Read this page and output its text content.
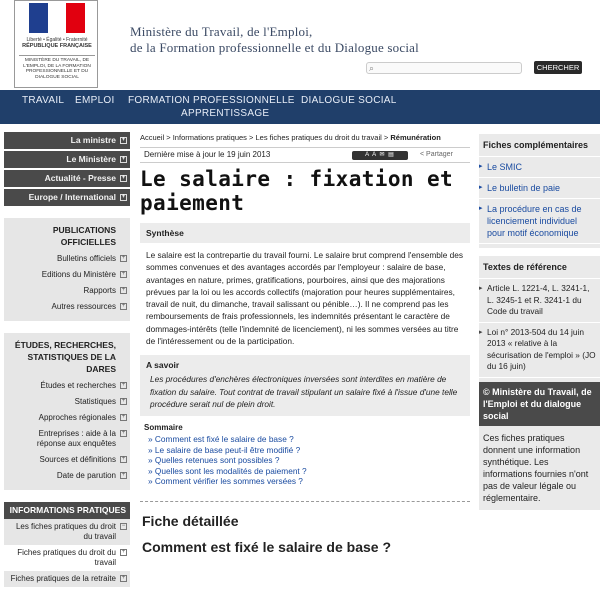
Liberté • Égalité • Fraternité
RÉPUBLIQUE FRANÇAISE
MINISTÈRE DU TRAVAIL, DE L'EMPLOI, DE LA FORMATION PROFESSIONNELLE ET DU DIALOGUE SOCIAL
Ministère du Travail, de l'Emploi,
de la Formation professionnelle et du Dialogue social
⌕	CHERCHER
TRAVAIL EMPLOI FORMATION PROFESSIONNELLE
APPRENTISSAGE
DIALOGUE SOCIAL
La ministre +
Le Ministère +
Actualité - Presse +
Europe / International +
PUBLICATIONS OFFICIELLES
Bulletins officiels +
Editions du Ministère +
Rapports +
Autres ressources +
ÉTUDES, RECHERCHES, STATISTIQUES DE LA DARES
Études et recherches +
Statistiques +
Approches régionales +
Entreprises : aide à la réponse aux enquêtes
+
Sources et définitions +
Date de parution +
INFORMATIONS PRATIQUES
Les fiches pratiques du droit du travail
−
Fiches pratiques du droit du travail
+
Fiches pratiques de la retraite +
Accueil > Informations pratiques > Les fiches pratiques du droit du travail > Rémunération
Dernière mise à jour le 19 juin 2013	A A ✉ ▤	< Partager
Le salaire : fixation et paiement
Synthèse
Le salaire est la contrepartie du travail fourni. Le salaire brut comprend l'ensemble des sommes convenues et des avantages accordés par l'employeur : salaire de base, avantages en nature, primes, gratifications, pourboires, ainsi que des majorations prévues par la loi ou les accords collectifs (majoration pour heures supplémentaires, travail de nuit, du dimanche, travail salissant ou pénible…). Il ne comprend pas les remboursements de frais professionnels, les indemnités présentant le caractère de dommages-intérêts (telle l'indemnité de licenciement), ni les sommes versées au titre de l'intéressement ou de la participation.
A savoir
Les procédures d'enchères électroniques inversées sont interdites en matière de fixation du salaire. Tout contrat de travail stipulant un salaire fixé à l'issue d'une telle procédure serait nul de plein droit.
Sommaire
» Comment est fixé le salaire de base ?
» Le salaire de base peut-il être modifié ?
» Quelles retenues sont possibles ?
» Quelles sont les modalités de paiement ?
» Comment vérifier les sommes versées ?
Fiche détaillée
Comment est fixé le salaire de base ?
Fiches complémentaires
▸ Le SMIC
▸ Le bulletin de paie
▸ La procédure en cas de licenciement individuel pour motif économique
Textes de référence
▸ Article L. 1221-4, L. 3241-1, L. 3245-1 et R. 3241-1 du Code du travail
▸ Loi n° 2013-504 du 14 juin 2013 « relative à la sécurisation de l'emploi » (JO du 16 juin)
© Ministère du Travail, de l'Emploi et du dialogue social
Ces fiches pratiques donnent une information synthétique. Les informations fournies n'ont pas de valeur légale ou réglementaire.
